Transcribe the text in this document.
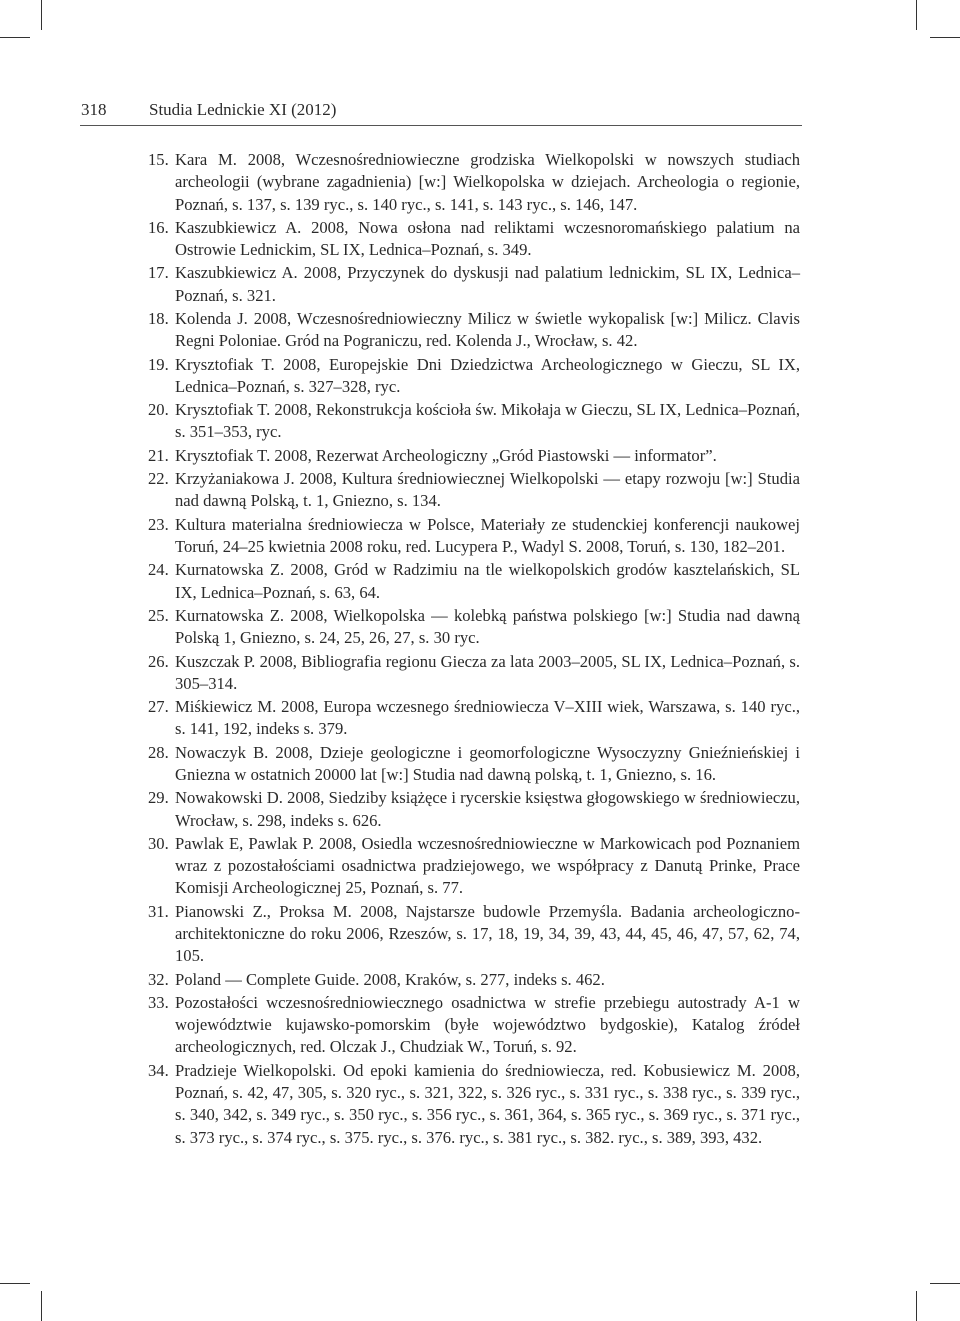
318	Studia Lednickie XI (2012)
15. Kara M. 2008, Wczesnośredniowieczne grodziska Wielkopolski w nowszych studiach archeologii (wybrane zagadnienia) [w:] Wielkopolska w dziejach. Archeologia o regionie, Poznań, s. 137, s. 139 ryc., s. 140 ryc., s. 141, s. 143 ryc., s. 146, 147.
16. Kaszubkiewicz A. 2008, Nowa osłona nad reliktami wczesnoromańskiego palatium na Ostrowie Lednickim, SL IX, Lednica–Poznań, s. 349.
17. Kaszubkiewicz A. 2008, Przyczynek do dyskusji nad palatium lednickim, SL IX, Lednica–Poznań, s. 321.
18. Kolenda J. 2008, Wczesnośredniowieczny Milicz w świetle wykopalisk [w:] Milicz. Clavis Regni Poloniae. Gród na Pograniczu, red. Kolenda J., Wrocław, s. 42.
19. Krysztofiak T. 2008, Europejskie Dni Dziedzictwa Archeologicznego w Gieczu, SL IX, Lednica–Poznań, s. 327–328, ryc.
20. Krysztofiak T. 2008, Rekonstrukcja kościoła św. Mikołaja w Gieczu, SL IX, Lednica–Poznań, s. 351–353, ryc.
21. Krysztofiak T. 2008, Rezerwat Archeologiczny „Gród Piastowski — informator”.
22. Krzyżaniakowa J. 2008, Kultura średniowiecznej Wielkopolski — etapy rozwoju [w:] Studia nad dawną Polską, t. 1, Gniezno, s. 134.
23. Kultura materialna średniowiecza w Polsce, Materiały ze studenckiej konferencji naukowej Toruń, 24–25 kwietnia 2008 roku, red. Lucypera P., Wadyl S. 2008, Toruń, s. 130, 182–201.
24. Kurnatowska Z. 2008, Gród w Radzimiu na tle wielkopolskich grodów kasztelańskich, SL IX, Lednica–Poznań, s. 63, 64.
25. Kurnatowska Z. 2008, Wielkopolska — kolebką państwa polskiego [w:] Studia nad dawną Polską 1, Gniezno, s. 24, 25, 26, 27, s. 30 ryc.
26. Kuszczak P. 2008, Bibliografia regionu Giecza za lata 2003–2005, SL IX, Lednica–Poznań, s. 305–314.
27. Miśkiewicz M. 2008, Europa wczesnego średniowiecza V–XIII wiek, Warszawa, s. 140 ryc., s. 141, 192, indeks s. 379.
28. Nowaczyk B. 2008, Dzieje geologiczne i geomorfologiczne Wysoczyzny Gnieźnieńskiej i Gniezna w ostatnich 20000 lat [w:] Studia nad dawną polską, t. 1, Gniezno, s. 16.
29. Nowakowski D. 2008, Siedziby książęce i rycerskie księstwa głogowskiego w średniowieczu, Wrocław, s. 298, indeks s. 626.
30. Pawlak E, Pawlak P. 2008, Osiedla wczesnośredniowieczne w Markowicach pod Poznaniem wraz z pozostałościami osadnictwa pradziejowego, we współpracy z Danutą Prinke, Prace Komisji Archeologicznej 25, Poznań, s. 77.
31. Pianowski Z., Proksa M. 2008, Najstarsze budowle Przemyśla. Badania archeologiczno-architektoniczne do roku 2006, Rzeszów, s. 17, 18, 19, 34, 39, 43, 44, 45, 46, 47, 57, 62, 74, 105.
32. Poland — Complete Guide. 2008, Kraków, s. 277, indeks s. 462.
33. Pozostałości wczesnośredniowiecznego osadnictwa w strefie przebiegu autostrady A-1 w województwie kujawsko-pomorskim (byłe województwo bydgoskie), Katalog źródeł archeologicznych, red. Olczak J., Chudziak W., Toruń, s. 92.
34. Pradzieje Wielkopolski. Od epoki kamienia do średniowiecza, red. Kobusiewicz M. 2008, Poznań, s. 42, 47, 305, s. 320 ryc., s. 321, 322, s. 326 ryc., s. 331 ryc., s. 338 ryc., s. 339 ryc., s. 340, 342, s. 349 ryc., s. 350 ryc., s. 356 ryc., s. 361, 364, s. 365 ryc., s. 369 ryc., s. 371 ryc., s. 373 ryc., s. 374 ryc., s. 375. ryc., s. 376. ryc., s. 381 ryc., s. 382. ryc., s. 389, 393, 432.
